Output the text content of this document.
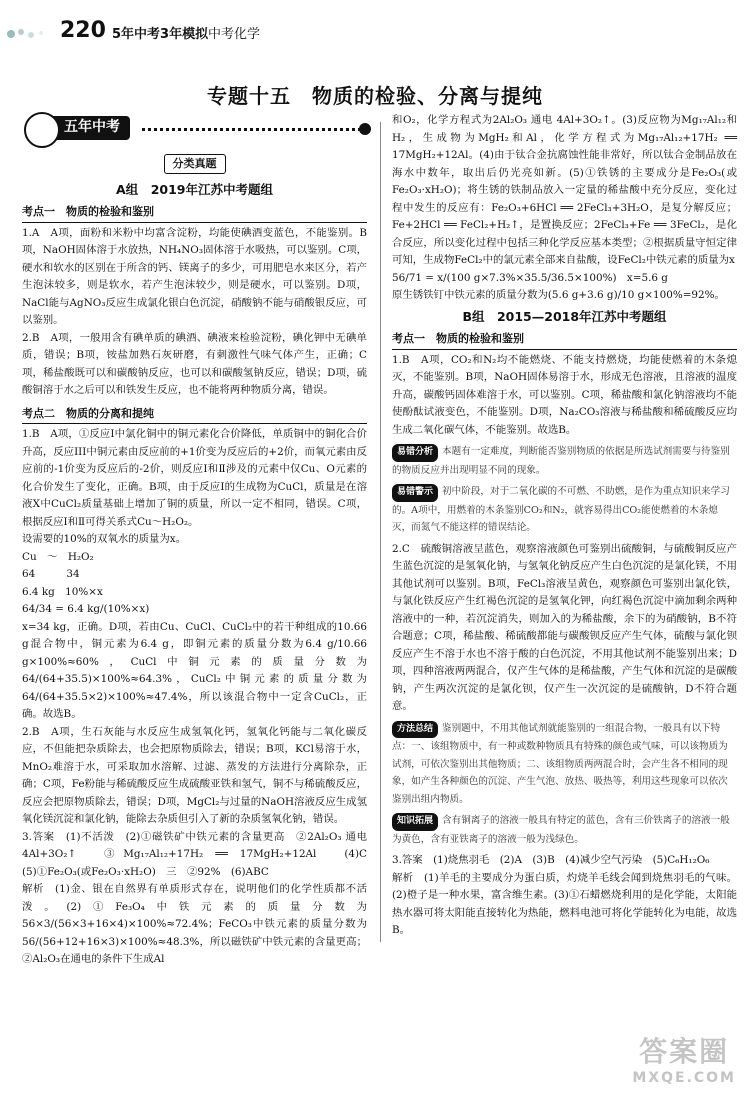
220 5年中考3年模拟 中考化学
专题十五　物质的检验、分离与提纯
五年中考
分类真题
A组　2019年江苏中考题组
考点一　物质的检验和鉴别

1.A　A项，面粉和米粉中均富含淀粉，均能使碘酒变蓝色，不能鉴别。B项，NaOH固体溶于水放热，NH₄NO₃固体溶于水吸热，可以鉴别。C项，硬水和软水的区别在于所含的钙、镁离子的多少，可用肥皂水来区分，若产生泡沫较多，则是软水，若产生泡沫较少，则是硬水，可以鉴别。D项，NaCl能与AgNO₃反应生成氯化银白色沉淀，硝酸钠不能与硝酸银反应，可以鉴别。

2.B　A项，一般用含有碘单质的碘酒、碘液来检验淀粉，碘化钾中无碘单质，错误；B项，铵盐加熟石灰研磨，有刺激性气味气体产生，正确；C项，稀盐酸既可以和碳酸钠反应，也可以和碳酸氢钠反应，错误；D项，硫酸铜溶于水之后可以和铁发生反应，也不能将两种物质分离，错误。

考点二　物质的分离和提纯

1.B　A项，①反应Ⅰ中氯化铜中的铜元素化合价降低，单质铜中的铜化合价升高，反应III中铜元素由反应前的+1价变为反应后的+2价，而氧元素由反应前的-1价变为反应后的-2价，则反应Ⅰ和Ⅱ涉及的元素中仅Cu、O元素的化合价发生了变化，正确。B项，由于反应Ⅰ的生成物为CuCl，质量是在溶液X中CuCl₂质量基础上增加了铜的质量，所以一定不相同，错误。C项，根据反应Ⅰ和Ⅱ可得关系式Cu～H₂O₂。

设需要的10%的双氧水的质量为x。

Cu　～　H₂O₂

64　　　34

6.4 kg　10%×x

64/34 = 6.4 kg/(10%×x)

x=34 kg，正确。D项，若由Cu、CuCl、CuCl₂中的若干种组成的10.66 g混合物中，铜元素为6.4 g，即铜元素的质量分数为6.4 g/10.66 g×100%≈60%，CuCl中铜元素的质量分数为64/(64+35.5)×100%≈64.3%，CuCl₂中铜元素的质量分数为64/(64+35.5×2)×100%≈47.4%，所以该混合物中一定含CuCl₂，正确。故选B。

2.B　A项，生石灰能与水反应生成氢氧化钙，氢氧化钙能与二氧化碳反应，不但能把杂质除去，也会把原物质除去，错误；B项，KCl易溶于水，MnO₂难溶于水，可采取加水溶解、过滤、蒸发的方法进行分离除杂，正确；C项，Fe粉能与稀硫酸反应生成硫酸亚铁和氢气，铜不与稀硫酸反应，反应会把原物质除去，错误；D项，MgCl₂与过量的NaOH溶液反应生成氢氧化镁沉淀和氯化钠，能除去杂质但引入了新的杂质氢氧化钠，错误。

3.答案　(1)不活泼　(2)①磁铁矿中铁元素的含量更高　②2Al₂O₃ 通电 4Al+3O₂↑　③Mg₁₇Al₁₂+17H₂ ══ 17MgH₂+12Al　(4)C　(5)①Fe₂O₃(或Fe₂O₃·xH₂O)　三　②92%　(6)ABC

解析　(1)金、银在自然界有单质形式存在，说明他们的化学性质都不活泼。(2)①Fe₃O₄中铁元素的质量分数为56×3/(56×3+16×4)×100%≈72.4%；FeCO₃中铁元素的质量分数为56/(56+12+16×3)×100%≈48.3%，所以磁铁矿中铁元素的含量更高；②Al₂O₃在通电的条件下生成Al

和O₂，化学方程式为2Al₂O₃ 通电 4Al+3O₂↑。(3)反应物为Mg₁₇Al₁₂和H₂，生成物为MgH₂和Al，化学方程式为Mg₁₇Al₁₂+17H₂ ══ 17MgH₂+12Al。(4)由于钛合金抗腐蚀性能非常好，所以钛合金制品放在海水中数年，取出后仍光亮如新。(5)①铁锈的主要成分是Fe₂O₃(或Fe₂O₃·xH₂O)；将生锈的铁制品放入一定量的稀盐酸中充分反应，变化过程中发生的反应有：Fe₂O₃+6HCl ══ 2FeCl₃+3H₂O，是复分解反应；Fe+2HCl ══ FeCl₂+H₂↑，是置换反应；2FeCl₃+Fe ══ 3FeCl₂，是化合反应，所以变化过程中包括三种化学反应基本类型；②根据质量守恒定律可知，生成物FeCl₂中的氯元素全部来自盐酸，设FeCl₂中铁元素的质量为x

56/71 = x/(100 g×7.3%×35.5/36.5×100%)　x=5.6 g

原生锈铁钉中铁元素的质量分数为(5.6 g+3.6 g)/10 g×100%=92%。

B组　2015—2018年江苏中考题组
考点一　物质的检验和鉴别

1.B　A项，CO₂和N₂均不能燃烧、不能支持燃烧，均能使燃着的木条熄灭，不能鉴别。B项，NaOH固体易溶于水，形成无色溶液，且溶液的温度升高，碳酸钙固体难溶于水，可以鉴别。C项，稀盐酸和氯化钠溶液均不能使酚酞试液变色，不能鉴别。D项，Na₂CO₃溶液与稀盐酸和稀硫酸反应均生成二氧化碳气体，不能鉴别。故选B。

易错分析 本题有一定难度，判断能否鉴别物质的依据是所选试剂需要与待鉴别的物质反应并出现明显不同的现象。
易错警示 初中阶段，对于二氧化碳的不可燃、不助燃，是作为重点知识来学习的。A项中，用燃着的木条鉴别CO₂和N₂，就容易得出CO₂能使燃着的木条熄灭，而氮气不能这样的错误结论。

2.C　硫酸铜溶液呈蓝色，观察溶液颜色可鉴别出硫酸铜，与硫酸铜反应产生蓝色沉淀的是氢氧化钠，与氢氧化钠反应产生白色沉淀的是氯化镁，不用其他试剂可以鉴别。B项，FeCl₃溶液呈黄色，观察颜色可鉴别出氯化铁，与氯化铁反应产生红褐色沉淀的是氢氧化钾，向红褐色沉淀中滴加剩余两种溶液中的一种，若沉淀消失，则加入的为稀盐酸，余下的为硝酸钠，B不符合题意；C项，稀盐酸、稀硫酸都能与碳酸钡反应产生气体，硫酸与氯化钡反应产生不溶于水也不溶于酸的白色沉淀，不用其他试剂不能鉴别出来；D项，四种溶液两两混合，仅产生气体的是稀盐酸，产生气体和沉淀的是碳酸钠，产生两次沉淀的是氯化钡，仅产生一次沉淀的是硫酸钠，D不符合题意。

方法总结 鉴别题中，不用其他试剂就能鉴别的一组混合物，一般具有以下特点：一、该组物质中，有一种或数种物质具有特殊的颜色或气味，可以该物质为试剂，可依次鉴别出其他物质；二、该组物质两两混合时，会产生各不相同的现象，如产生各种颜色的沉淀、产生气泡、放热、吸热等，利用这些现象可以依次鉴别出组内物质。
知识拓展 含有铜离子的溶液一般具有特定的蓝色，含有三价铁离子的溶液一般为黄色，含有亚铁离子的溶液一般为浅绿色。

3.答案　(1)烧焦羽毛　(2)A　(3)B　(4)减少空气污染　(5)C₆H₁₂O₆

解析　(1)羊毛的主要成分为蛋白质，灼烧羊毛线会闻到烧焦羽毛的气味。(2)橙子是一种水果，富含维生素。(3)①石蜡燃烧利用的是化学能，太阳能热水器可将太阳能直接转化为热能，燃料电池可将化学能转化为电能，故选B。

答案圈
MXQE.COM
